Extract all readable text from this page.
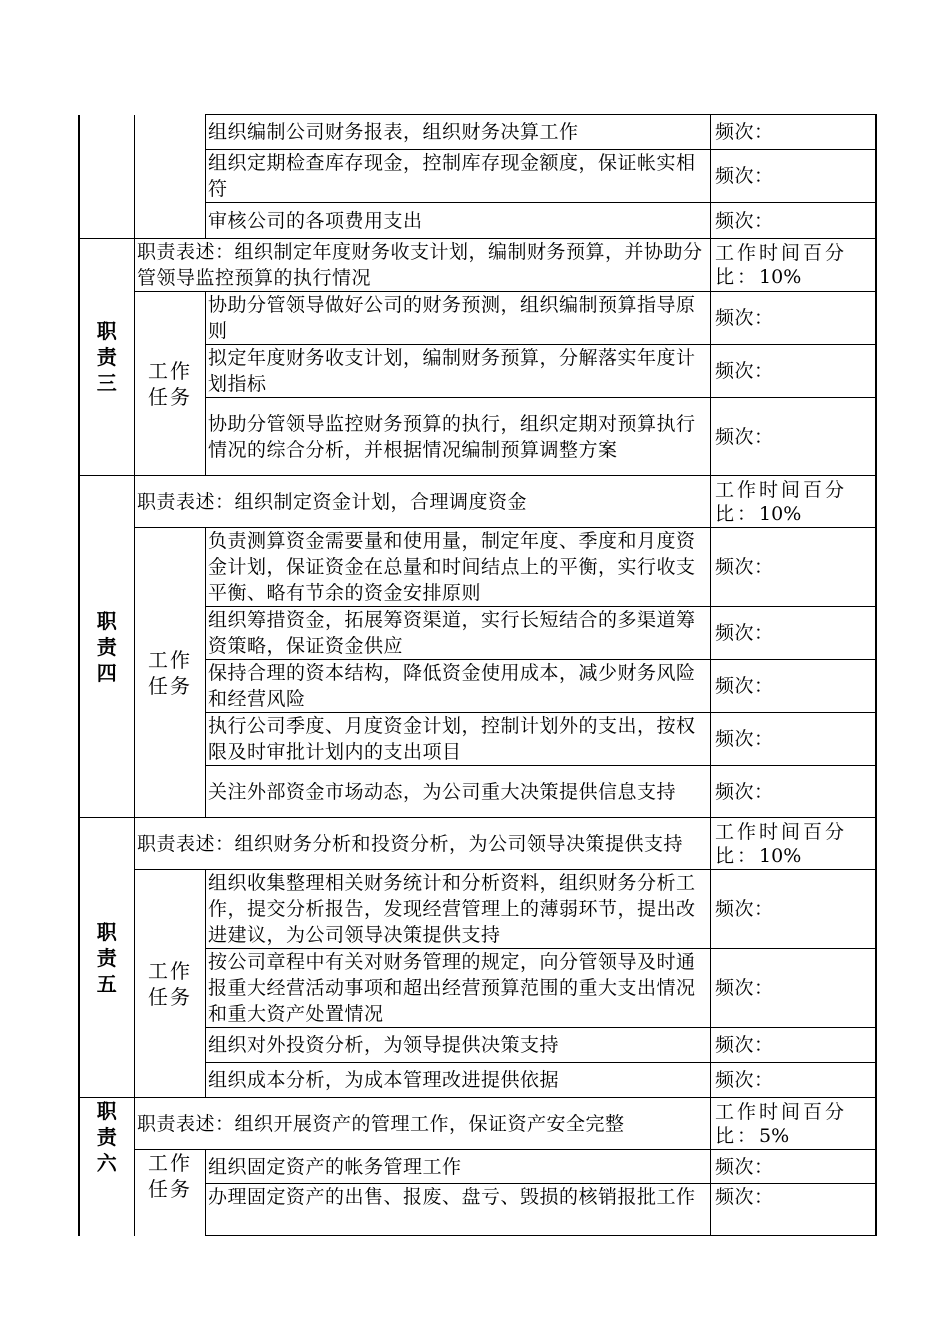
		组织编制公司财务报表，组织财务决算工作	频次：
		组织定期检查库存现金，控制库存现金额度，保证帐实相符	频次：
		审核公司的各项费用支出	频次：
职责三	职责表述：组织制定年度财务收支计划，编制财务预算，并协助分管领导监控预算的执行情况		工作时间百分比：10%
	工作任务	协助分管领导做好公司的财务预测，组织编制预算指导原则	频次：
		拟定年度财务收支计划，编制财务预算，分解落实年度计划指标	频次：
		协助分管领导监控财务预算的执行，组织定期对预算执行情况的综合分析，并根据情况编制预算调整方案	频次：
职责四	职责表述：组织制定资金计划，合理调度资金		工作时间百分比：10%
	工作任务	负责测算资金需要量和使用量，制定年度、季度和月度资金计划，保证资金在总量和时间结点上的平衡，实行收支平衡、略有节余的资金安排原则	频次：
		组织筹措资金，拓展筹资渠道，实行长短结合的多渠道筹资策略，保证资金供应	频次：
		保持合理的资本结构，降低资金使用成本，减少财务风险和经营风险	频次：
		执行公司季度、月度资金计划，控制计划外的支出，按权限及时审批计划内的支出项目	频次：
		关注外部资金市场动态，为公司重大决策提供信息支持	频次：
职责五	职责表述：组织财务分析和投资分析，为公司领导决策提供支持		工作时间百分比：10%
	工作任务	组织收集整理相关财务统计和分析资料，组织财务分析工作，提交分析报告，发现经营管理上的薄弱环节，提出改进建议，为公司领导决策提供支持	频次：
		按公司章程中有关对财务管理的规定，向分管领导及时通报重大经营活动事项和超出经营预算范围的重大支出情况和重大资产处置情况	频次：
		组织对外投资分析，为领导提供决策支持	频次：
		组织成本分析，为成本管理改进提供依据	频次：
职责六	职责表述：组织开展资产的管理工作，保证资产安全完整		工作时间百分比：5%
	工作任务	组织固定资产的帐务管理工作	频次：
		办理固定资产的出售、报废、盘亏、毁损的核销报批工作	频次：
